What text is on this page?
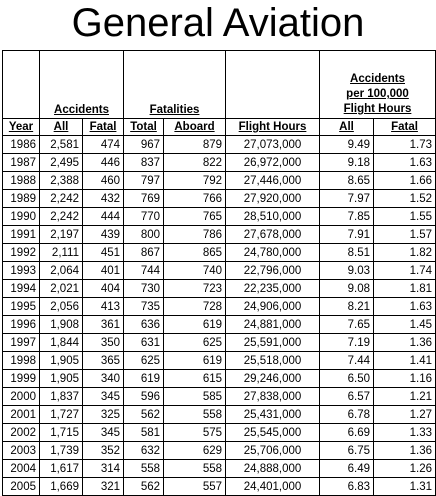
General Aviation
	Accidents		Fatalities			Accidents
per 100,000
Flight Hours	
Year	All	Fatal	Total	Aboard	Flight Hours	All	Fatal
1986	2,581	474	967	879	27,073,000	9.49	1.73
1987	2,495	446	837	822	26,972,000	9.18	1.63
1988	2,388	460	797	792	27,446,000	8.65	1.66
1989	2,242	432	769	766	27,920,000	7.97	1.52
1990	2,242	444	770	765	28,510,000	7.85	1.55
1991	2,197	439	800	786	27,678,000	7.91	1.57
1992	2,111	451	867	865	24,780,000	8.51	1.82
1993	2,064	401	744	740	22,796,000	9.03	1.74
1994	2,021	404	730	723	22,235,000	9.08	1.81
1995	2,056	413	735	728	24,906,000	8.21	1.63
1996	1,908	361	636	619	24,881,000	7.65	1.45
1997	1,844	350	631	625	25,591,000	7.19	1.36
1998	1,905	365	625	619	25,518,000	7.44	1.41
1999	1,905	340	619	615	29,246,000	6.50	1.16
2000	1,837	345	596	585	27,838,000	6.57	1.21
2001	1,727	325	562	558	25,431,000	6.78	1.27
2002	1,715	345	581	575	25,545,000	6.69	1.33
2003	1,739	352	632	629	25,706,000	6.75	1.36
2004	1,617	314	558	558	24,888,000	6.49	1.26
2005	1,669	321	562	557	24,401,000	6.83	1.31
